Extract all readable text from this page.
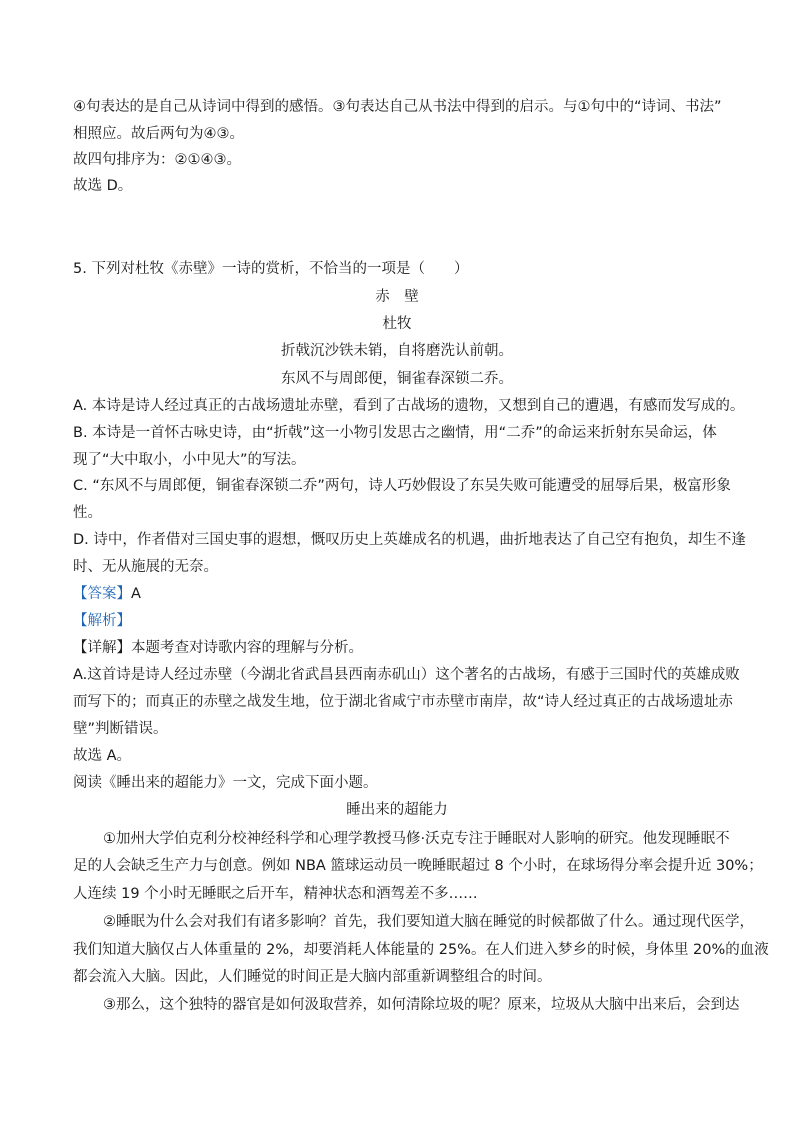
④句表达的是自己从诗词中得到的感悟。③句表达自己从书法中得到的启示。与①句中的“诗词、书法”
相照应。故后两句为④③。
故四句排序为：②①④③。
故选 D。
5. 下列对杜牧《赤壁》一诗的赏析，不恰当的一项是（　　）
赤　壁
杜牧
折戟沉沙铁未销，自将磨洗认前朝。
东风不与周郎便，铜雀春深锁二乔。
A. 本诗是诗人经过真正的古战场遗址赤壁，看到了古战场的遗物，又想到自己的遭遇，有感而发写成的。
B. 本诗是一首怀古咏史诗，由“折戟”这一小物引发思古之幽情，用“二乔”的命运来折射东吴命运，体
现了“大中取小，小中见大”的写法。
C. “东风不与周郎便，铜雀春深锁二乔”两句，诗人巧妙假设了东吴失败可能遭受的屈辱后果，极富形象
性。
D. 诗中，作者借对三国史事的遐想，慨叹历史上英雄成名的机遇，曲折地表达了自己空有抱负，却生不逢
时、无从施展的无奈。
【答案】A
【解析】
【详解】本题考查对诗歌内容的理解与分析。
A.这首诗是诗人经过赤壁（今湖北省武昌县西南赤矶山）这个著名的古战场，有感于三国时代的英雄成败
而写下的；而真正的赤壁之战发生地，位于湖北省咸宁市赤壁市南岸，故“诗人经过真正的古战场遗址赤
壁”判断错误。
故选 A。
阅读《睡出来的超能力》一文，完成下面小题。
睡出来的超能力
①加州大学伯克利分校神经科学和心理学教授马修·沃克专注于睡眠对人影响的研究。他发现睡眠不
足的人会缺乏生产力与创意。例如 NBA 篮球运动员一晚睡眠超过 8 个小时，在球场得分率会提升近 30%；
人连续 19 个小时无睡眠之后开车，精神状态和酒驾差不多……
②睡眠为什么会对我们有诸多影响？首先，我们要知道大脑在睡觉的时候都做了什么。通过现代医学，
我们知道大脑仅占人体重量的 2%，却要消耗人体能量的 25%。在人们进入梦乡的时候，身体里 20%的血液
都会流入大脑。因此，人们睡觉的时间正是大脑内部重新调整组合的时间。
③那么，这个独特的器官是如何汲取营养，如何清除垃圾的呢？原来，垃圾从大脑中出来后，会到达
